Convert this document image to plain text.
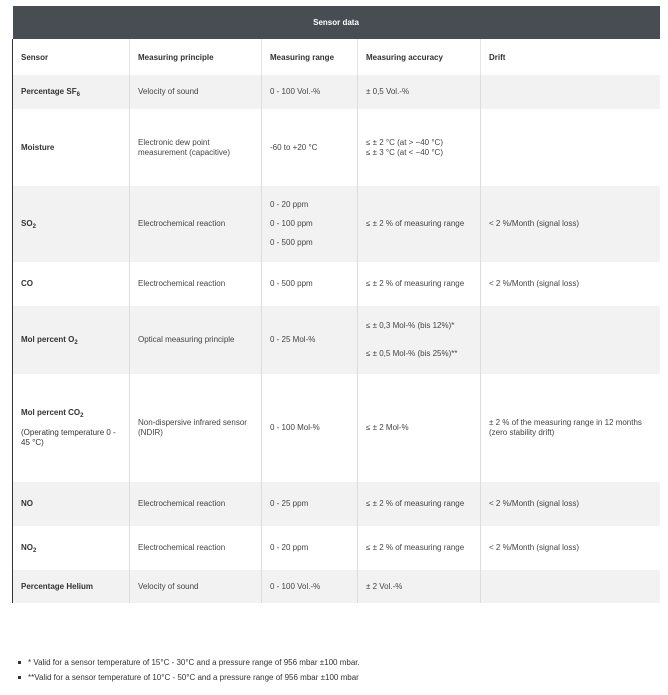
Sensor data				
Sensor	Measuring principle	Measuring range	Measuring accuracy	Drift
Percentage $SF_6$	Velocity of sound	0 - 100 Vol.-%	± 0,5 Vol.-%	
Moisture	Electronic dew point measurement (capacitive)	-60 to +20 °C	≤ ± 2 °C (at > −40 °C)
≤ ± 3 °C (at < −40 °C)	

$SO_2$	Electrochemical reaction	0 - 20 ppm
0 - 100 ppm
0 - 500 ppm	≤ ± 2 % of measuring range	< 2 %/Month (signal loss)
CO	Electrochemical reaction	0 - 500 ppm	≤ ± 2 % of measuring range	< 2 %/Month (signal loss)
Mol percent $O_2$	Optical measuring principle	0 - 25 Mol-%	≤ ± 0,3 Mol-% (bis 12%)*
≤ ± 0,5 Mol-% (bis 25%)**	

Mol percent $CO_2$
(Operating temperature 0 - 45 °C)	Non-dispersive infrared sensor (NDIR)	0 - 100 Mol-%	≤ ± 2 Mol-%	± 2 % of the measuring range in 12 months (zero stability drift)
NO	Electrochemical reaction	0 - 25 ppm	≤ ± 2 % of measuring range	< 2 %/Month (signal loss)
$NO_2$	Electrochemical reaction	0 - 20 ppm	≤ ± 2 % of measuring range	< 2 %/Month (signal loss)
Percentage Helium	Velocity of sound	0 - 100 Vol.-%	± 2 Vol.-%	
* Valid for a sensor temperature of 15°C - 30°C and a pressure range of 956 mbar ±100 mbar.
**Valid for a sensor temperature of 10°C - 50°C and a pressure range of 956 mbar ±100 mbar
